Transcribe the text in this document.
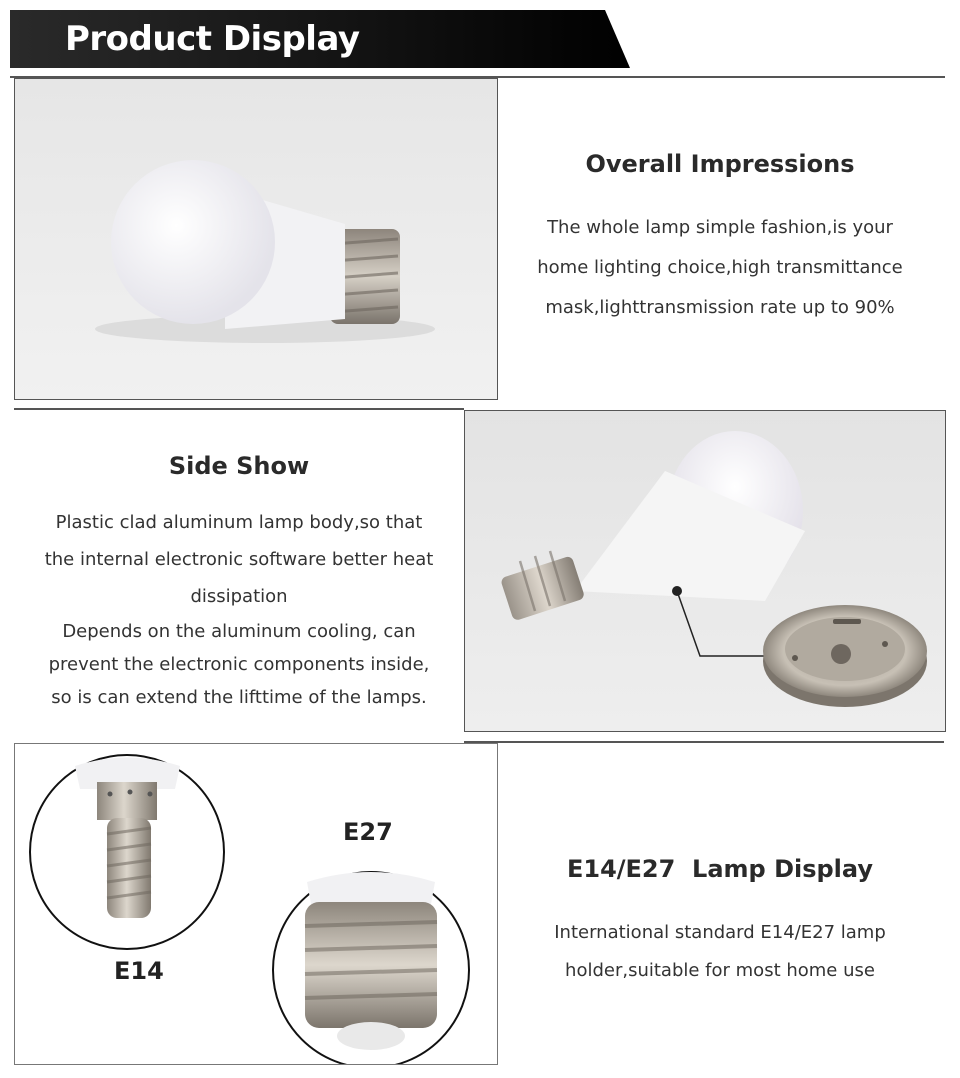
Product Display
Overall Impressions
The whole lamp simple fashion,is your
home lighting choice,high transmittance
mask,lighttransmission rate up to 90%
Side Show
Plastic clad aluminum lamp body,so that
the internal electronic software better heat
dissipation
Depends on the aluminum cooling, can
prevent the electronic components inside,
so is can extend the lifttime of the lamps.
E14
E27
E14/E27  Lamp Display
International standard E14/E27 lamp
holder,suitable for most home use
